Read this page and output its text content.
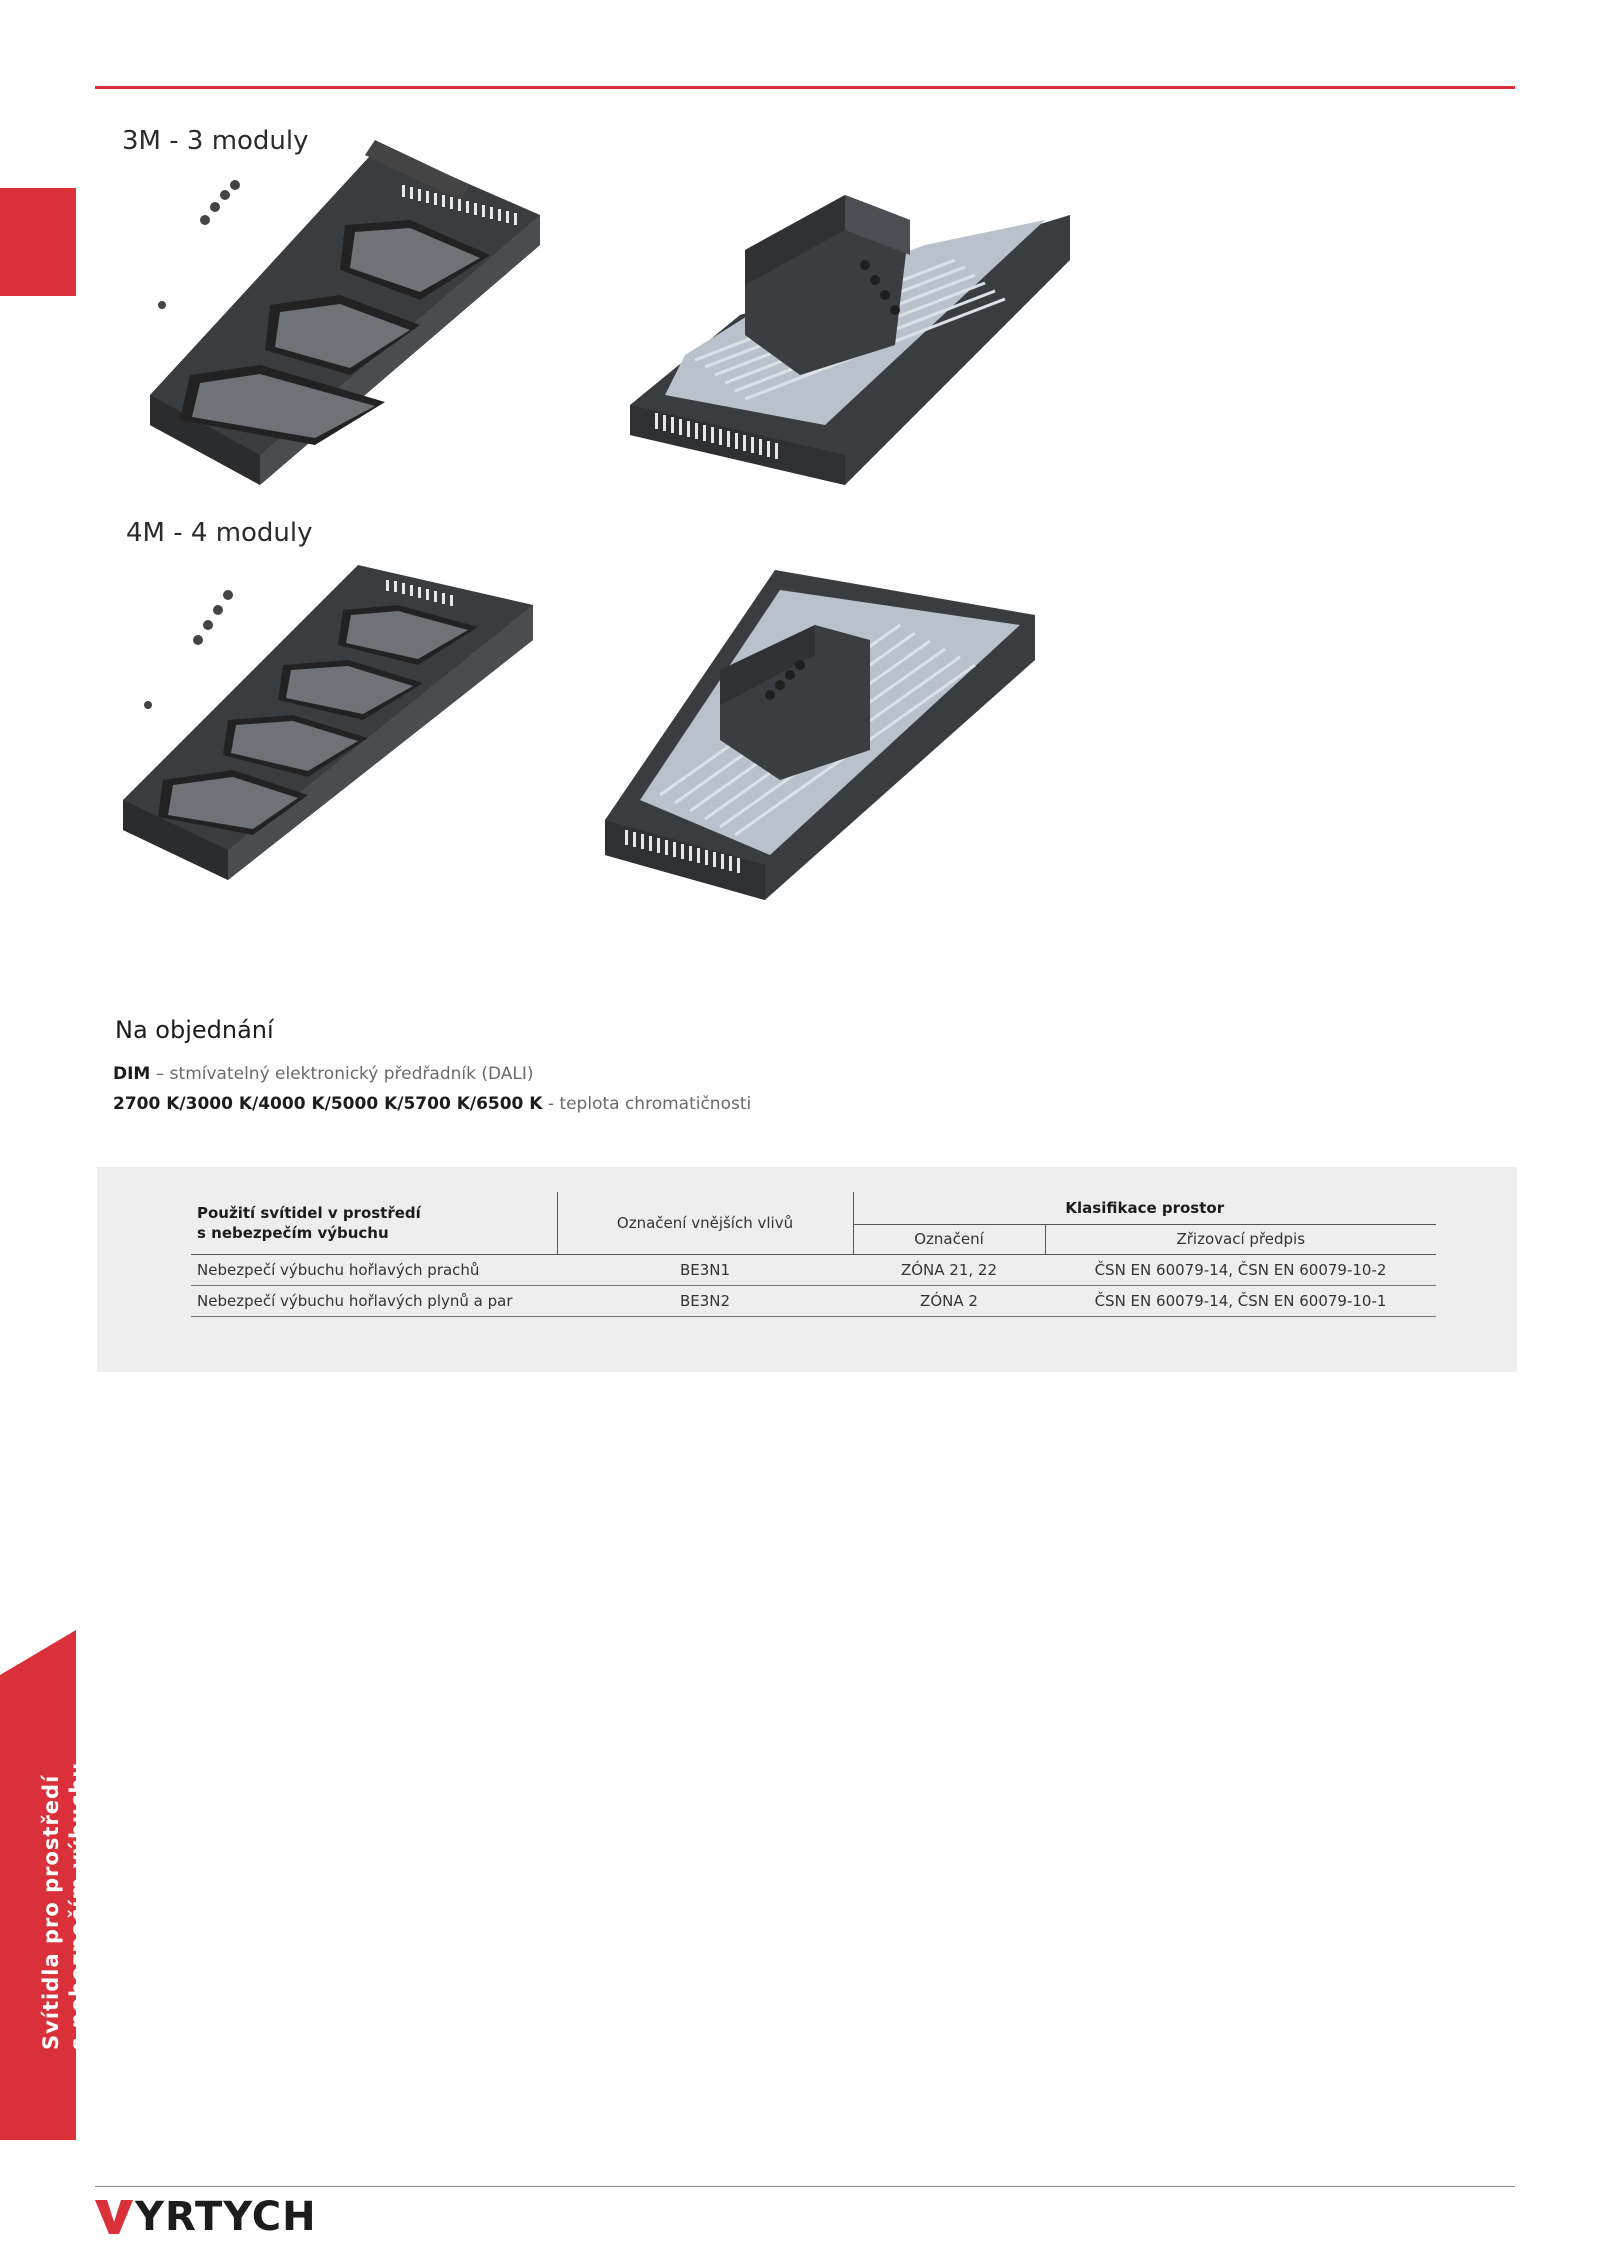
3M - 3 moduly
4M - 4 moduly
Na objednání
DIM – stmívatelný elektronický předřadník (DALI)
2700 K/3000 K/4000 K/5000 K/5700 K/6500 K - teplota chromatičnosti
Použití svítidel v prostředí
s nebezpečím výbuchu	Označení vnějších vlivů	Klasifikace prostor	
		Označení	Zřizovací předpis
Nebezpečí výbuchu hořlavých prachů	BE3N1	ZÓNA 21, 22	ČSN EN 60079-14, ČSN EN 60079-10-2
Nebezpečí výbuchu hořlavých plynů a par	BE3N2	ZÓNA 2	ČSN EN 60079-14, ČSN EN 60079-10-1
Svítidla pro prostředí s nebezpečím výbuchu
YRTYCH
